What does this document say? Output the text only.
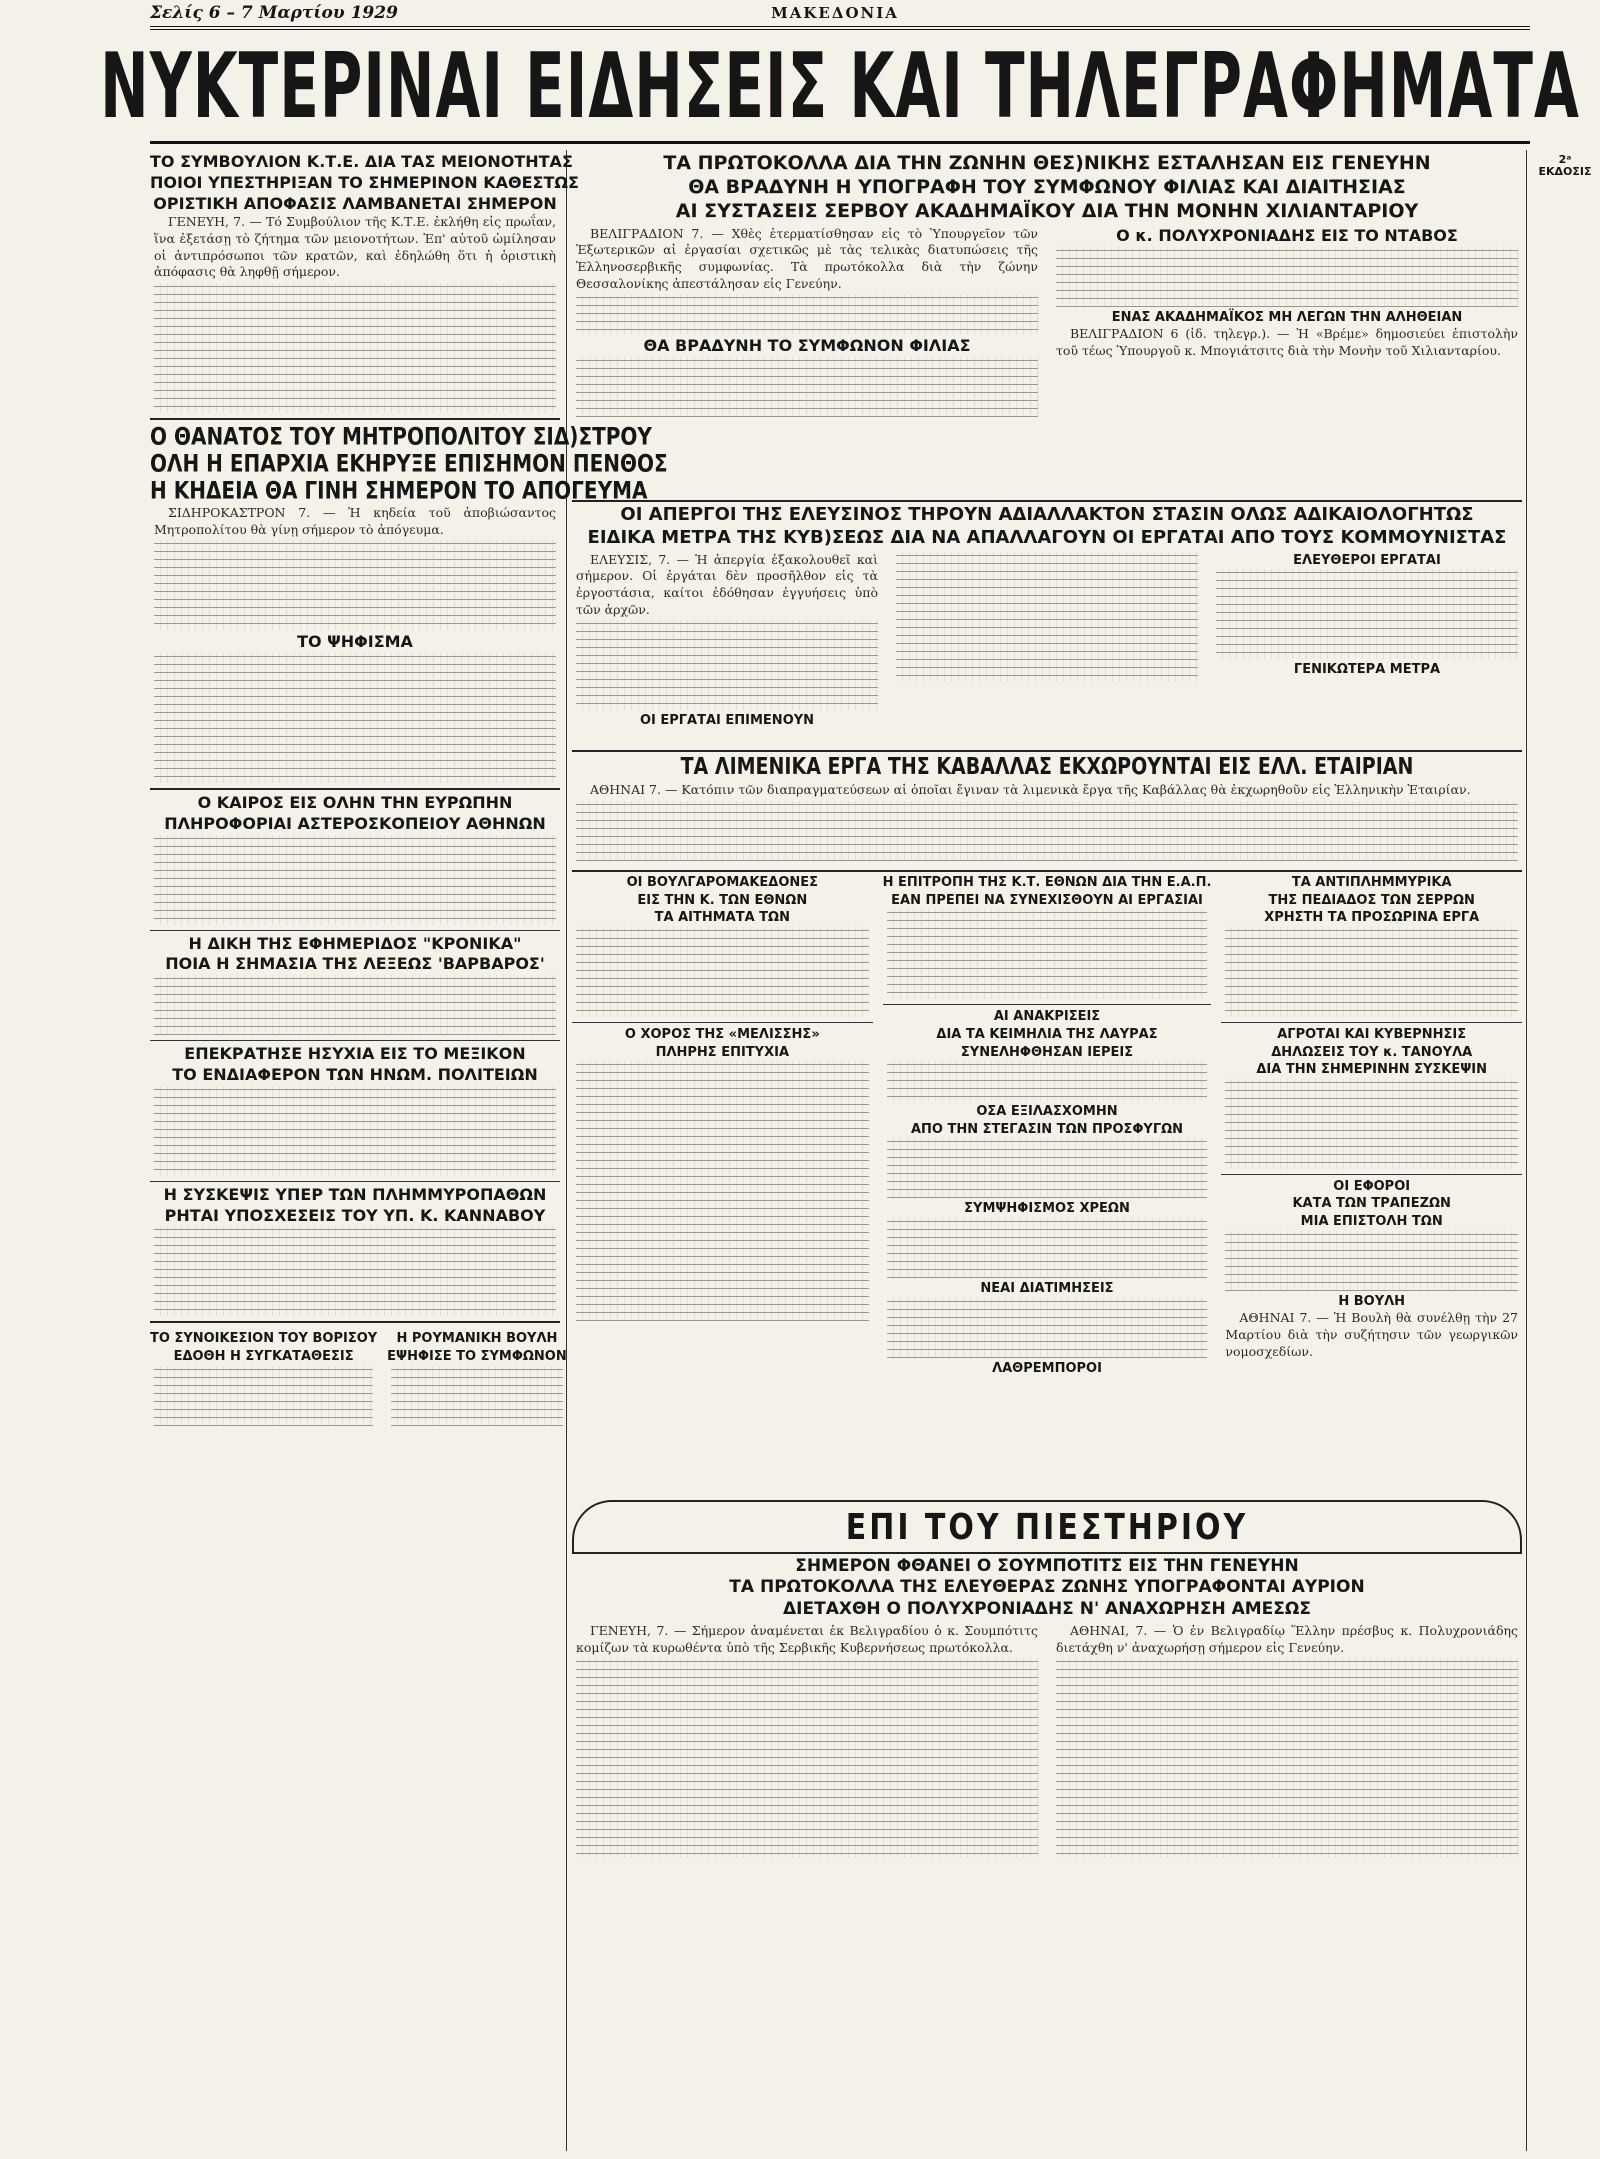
Σελίς 6 – 7 Μαρτίου 1929	ΜΑΚΕΔΟΝΙΑ
ΝΥΚΤΕΡΙΝΑΙ ΕΙΔΗΣΕΙΣ ΚΑΙ ΤΗΛΕΓΡΑΦΗΜΑΤΑ
ΤΟ ΣΥΜΒΟΥΛΙΟΝ Κ.Τ.Ε. ΔΙΑ ΤΑΣ ΜΕΙΟΝΟΤΗΤΑΣ
ΠΟΙΟΙ ΥΠΕΣΤΗΡΙΞΑΝ ΤΟ ΣΗΜΕΡΙΝΟΝ ΚΑΘΕΣΤΩΣ
ΟΡΙΣΤΙΚΗ ΑΠΟΦΑΣΙΣ ΛΑΜΒΑΝΕΤΑΙ ΣΗΜΕΡΟΝ

ΓΕΝΕΥΗ, 7. — Τό Συμβούλιον τῆς Κ.Τ.Ε. ἐκλήθη εἰς πρωΐαν, ἵνα ἐξετάσῃ τὸ ζήτημα τῶν μειονοτήτων. Ἐπ' αὐτοῦ ὡμίλησαν οἱ ἀντιπρόσωποι τῶν κρατῶν, καὶ ἐδηλώθη ὅτι ἡ ὁριστικὴ ἀπόφασις θὰ ληφθῇ σήμερον.

Ο ΘΑΝΑΤΟΣ ΤΟΥ ΜΗΤΡΟΠΟΛΙΤΟΥ ΣΙΔ)ΣΤΡΟΥ
ΟΛΗ Η ΕΠΑΡΧΙΑ ΕΚΗΡΥΞΕ ΕΠΙΣΗΜΟΝ ΠΕΝΘΟΣ
Η ΚΗΔΕΙΑ ΘΑ ΓΙΝΗ ΣΗΜΕΡΟΝ ΤΟ ΑΠΟΓΕΥΜΑ

ΣΙΔΗΡΟΚΑΣΤΡΟΝ 7. — Ἡ κηδεία τοῦ ἀποβιώσαντος Μητροπολίτου θὰ γίνῃ σήμερον τὸ ἀπόγευμα.

ΤΟ ΨΗΦΙΣΜΑ
Ο ΚΑΙΡΟΣ ΕΙΣ ΟΛΗΝ ΤΗΝ ΕΥΡΩΠΗΝ
ΠΛΗΡΟΦΟΡΙΑΙ ΑΣΤΕΡΟΣΚΟΠΕΙΟΥ ΑΘΗΝΩΝ
Η ΔΙΚΗ ΤΗΣ ΕΦΗΜΕΡΙΔΟΣ "ΚΡΟΝΙΚΑ"
ΠΟΙΑ Η ΣΗΜΑΣΙΑ ΤΗΣ ΛΕΞΕΩΣ 'ΒΑΡΒΑΡΟΣ'
ΕΠΕΚΡΑΤΗΣΕ ΗΣΥΧΙΑ ΕΙΣ ΤΟ ΜΕΞΙΚΟΝ
ΤΟ ΕΝΔΙΑΦΕΡΟΝ ΤΩΝ ΗΝΩΜ. ΠΟΛΙΤΕΙΩΝ
Η ΣΥΣΚΕΨΙΣ ΥΠΕΡ ΤΩΝ ΠΛΗΜΜΥΡΟΠΑΘΩΝ
ΡΗΤΑΙ ΥΠΟΣΧΕΣΕΙΣ ΤΟΥ ΥΠ. Κ. ΚΑΝΝΑΒΟΥ
ΤΟ ΣΥΝΟΙΚΕΣΙΟΝ ΤΟΥ ΒΟΡΙΣΟΥ
ΕΔΟΘΗ Η ΣΥΓΚΑΤΑΘΕΣΙΣ
Η ΡΟΥΜΑΝΙΚΗ ΒΟΥΛΗ
ΕΨΗΦΙΣΕ ΤΟ ΣΥΜΦΩΝΟΝ
ΤΑ ΠΡΩΤΟΚΟΛΛΑ ΔΙΑ ΤΗΝ ΖΩΝΗΝ ΘΕΣ)ΝΙΚΗΣ ΕΣΤΑΛΗΣΑΝ ΕΙΣ ΓΕΝΕΥΗΝ
ΘΑ ΒΡΑΔΥΝΗ Η ΥΠΟΓΡΑΦΗ ΤΟΥ ΣΥΜΦΩΝΟΥ ΦΙΛΙΑΣ ΚΑΙ ΔΙΑΙΤΗΣΙΑΣ
ΑΙ ΣΥΣΤΑΣΕΙΣ ΣΕΡΒΟΥ ΑΚΑΔΗΜΑΪΚΟΥ ΔΙΑ ΤΗΝ ΜΟΝΗΝ ΧΙΛΙΑΝΤΑΡΙΟΥ

ΒΕΛΙΓΡΑΔΙΟΝ 7. — Χθὲς ἐτερματίσθησαν εἰς τὸ Ὑπουργεῖον τῶν Ἐξωτερικῶν αἱ ἐργασίαι σχετικῶς μὲ τὰς τελικὰς διατυπώσεις τῆς Ἑλληνοσερβικῆς συμφωνίας. Τὰ πρωτόκολλα διὰ τὴν ζώνην Θεσσαλονίκης ἀπεστάλησαν εἰς Γενεύην.

ΘΑ ΒΡΑΔΥΝΗ ΤΟ ΣΥΜΦΩΝΟΝ ΦΙΛΙΑΣ
Ο κ. ΠΟΛΥΧΡΟΝΙΑΔΗΣ ΕΙΣ ΤΟ ΝΤΑΒΟΣ
ΕΝΑΣ ΑΚΑΔΗΜΑΪΚΟΣ ΜΗ ΛΕΓΩΝ ΤΗΝ ΑΛΗΘΕΙΑΝ

ΒΕΛΙΓΡΑΔΙΟΝ 6 (ἰδ. τηλεγρ.). — Ἡ «Βρέμε» δημοσιεύει ἐπιστολὴν τοῦ τέως Ὑπουργοῦ κ. Μπογιάτσιτς διὰ τὴν Μονὴν τοῦ Χιλιανταρίου.

ΟΙ ΑΠΕΡΓΟΙ ΤΗΣ ΕΛΕΥΣΙΝΟΣ ΤΗΡΟΥΝ ΑΔΙΑΛΛΑΚΤΟΝ ΣΤΑΣΙΝ ΟΛΩΣ ΑΔΙΚΑΙΟΛΟΓΗΤΩΣ
ΕΙΔΙΚΑ ΜΕΤΡΑ ΤΗΣ ΚΥΒ)ΣΕΩΣ ΔΙΑ ΝΑ ΑΠΑΛΛΑΓΟΥΝ ΟΙ ΕΡΓΑΤΑΙ ΑΠΟ ΤΟΥΣ ΚΟΜΜΟΥΝΙΣΤΑΣ

ΕΛΕΥΣΙΣ, 7. — Ἡ ἀπεργία ἐξακολουθεῖ καὶ σήμερον. Οἱ ἐργάται δὲν προσῆλθον εἰς τὰ ἐργοστάσια, καίτοι ἐδόθησαν ἐγγυήσεις ὑπὸ τῶν ἀρχῶν.

ΟΙ ΕΡΓΑΤΑΙ ΕΠΙΜΕΝΟΥΝ
ΕΛΕΥΘΕΡΟΙ ΕΡΓΑΤΑΙ
ΓΕΝΙΚΩΤΕΡΑ ΜΕΤΡΑ
ΤΑ ΛΙΜΕΝΙΚΑ ΕΡΓΑ ΤΗΣ ΚΑΒΑΛΛΑΣ ΕΚΧΩΡΟΥΝΤΑΙ ΕΙΣ ΕΛΛ. ΕΤΑΙΡΙΑΝ

ΑΘΗΝΑΙ 7. — Κατόπιν τῶν διαπραγματεύσεων αἱ ὁποῖαι ἔγιναν τὰ λιμενικὰ ἔργα τῆς Καβάλλας θὰ ἐκχωρηθοῦν εἰς Ἑλληνικὴν Ἑταιρίαν.

ΟΙ ΒΟΥΛΓΑΡΟΜΑΚΕΔΟΝΕΣ
ΕΙΣ ΤΗΝ Κ. ΤΩΝ ΕΘΝΩΝ
ΤΑ ΑΙΤΗΜΑΤΑ ΤΩΝ
Ο ΧΟΡΟΣ ΤΗΣ «ΜΕΛΙΣΣΗΣ»
ΠΛΗΡΗΣ ΕΠΙΤΥΧΙΑ
Η ΕΠΙΤΡΟΠΗ ΤΗΣ Κ.Τ. ΕΘΝΩΝ ΔΙΑ ΤΗΝ Ε.Α.Π.
ΕΑΝ ΠΡΕΠΕΙ ΝΑ ΣΥΝΕΧΙΣΘΟΥΝ ΑΙ ΕΡΓΑΣΙΑΙ
ΑΙ ΑΝΑΚΡΙΣΕΙΣ
ΔΙΑ ΤΑ ΚΕΙΜΗΛΙΑ ΤΗΣ ΛΑΥΡΑΣ
ΣΥΝΕΛΗΦΘΗΣΑΝ ΙΕΡΕΙΣ
ΟΣΑ ΕΞΙΛΑΣΧΟΜΗΝ
ΑΠΟ ΤΗΝ ΣΤΕΓΑΣΙΝ ΤΩΝ ΠΡΟΣΦΥΓΩΝ
ΣΥΜΨΗΦΙΣΜΟΣ ΧΡΕΩΝ
ΝΕΑΙ ΔΙΑΤΙΜΗΣΕΙΣ
ΛΑΘΡΕΜΠΟΡΟΙ
ΤΑ ΑΝΤΙΠΛΗΜΜΥΡΙΚΑ
ΤΗΣ ΠΕΔΙΑΔΟΣ ΤΩΝ ΣΕΡΡΩΝ
ΧΡΗΣΤΗ ΤΑ ΠΡΟΣΩΡΙΝΑ ΕΡΓΑ
ΑΓΡΟΤΑΙ ΚΑΙ ΚΥΒΕΡΝΗΣΙΣ
ΔΗΛΩΣΕΙΣ ΤΟΥ κ. ΤΑΝΟΥΛΑ
ΔΙΑ ΤΗΝ ΣΗΜΕΡΙΝΗΝ ΣΥΣΚΕΨΙΝ
ΟΙ ΕΦΟΡΟΙ
ΚΑΤΑ ΤΩΝ ΤΡΑΠΕΖΩΝ
ΜΙΑ ΕΠΙΣΤΟΛΗ ΤΩΝ
Η ΒΟΥΛΗ

ΑΘΗΝΑΙ 7. — Ἡ Βουλὴ θὰ συνέλθῃ τὴν 27 Μαρτίου διὰ τὴν συζήτησιν τῶν γεωργικῶν νομοσχεδίων.

ΕΠΙ ΤΟΥ ΠΙΕΣΤΗΡΙΟΥ
ΣΗΜΕΡΟΝ ΦΘΑΝΕΙ Ο ΣΟΥΜΠΟΤΙΤΣ ΕΙΣ ΤΗΝ ΓΕΝΕΥΗΝ
ΤΑ ΠΡΩΤΟΚΟΛΛΑ ΤΗΣ ΕΛΕΥΘΕΡΑΣ ΖΩΝΗΣ ΥΠΟΓΡΑΦΟΝΤΑΙ ΑΥΡΙΟΝ
ΔΙΕΤΑΧΘΗ Ο ΠΟΛΥΧΡΟΝΙΑΔΗΣ Ν' ΑΝΑΧΩΡΗΣΗ ΑΜΕΣΩΣ

ΓΕΝΕΥΗ, 7. — Σήμερον ἀναμένεται ἐκ Βελιγραδίου ὁ κ. Σουμπότιτς κομίζων τὰ κυρωθέντα ὑπὸ τῆς Σερβικῆς Κυβερνήσεως πρωτόκολλα.

ΑΘΗΝΑΙ, 7. — Ὁ ἐν Βελιγραδίῳ Ἕλλην πρέσβυς κ. Πολυχρονιάδης διετάχθη ν' ἀναχωρήσῃ σήμερον εἰς Γενεύην.

2ᵃ ΕΚΔΟΣΙΣ
